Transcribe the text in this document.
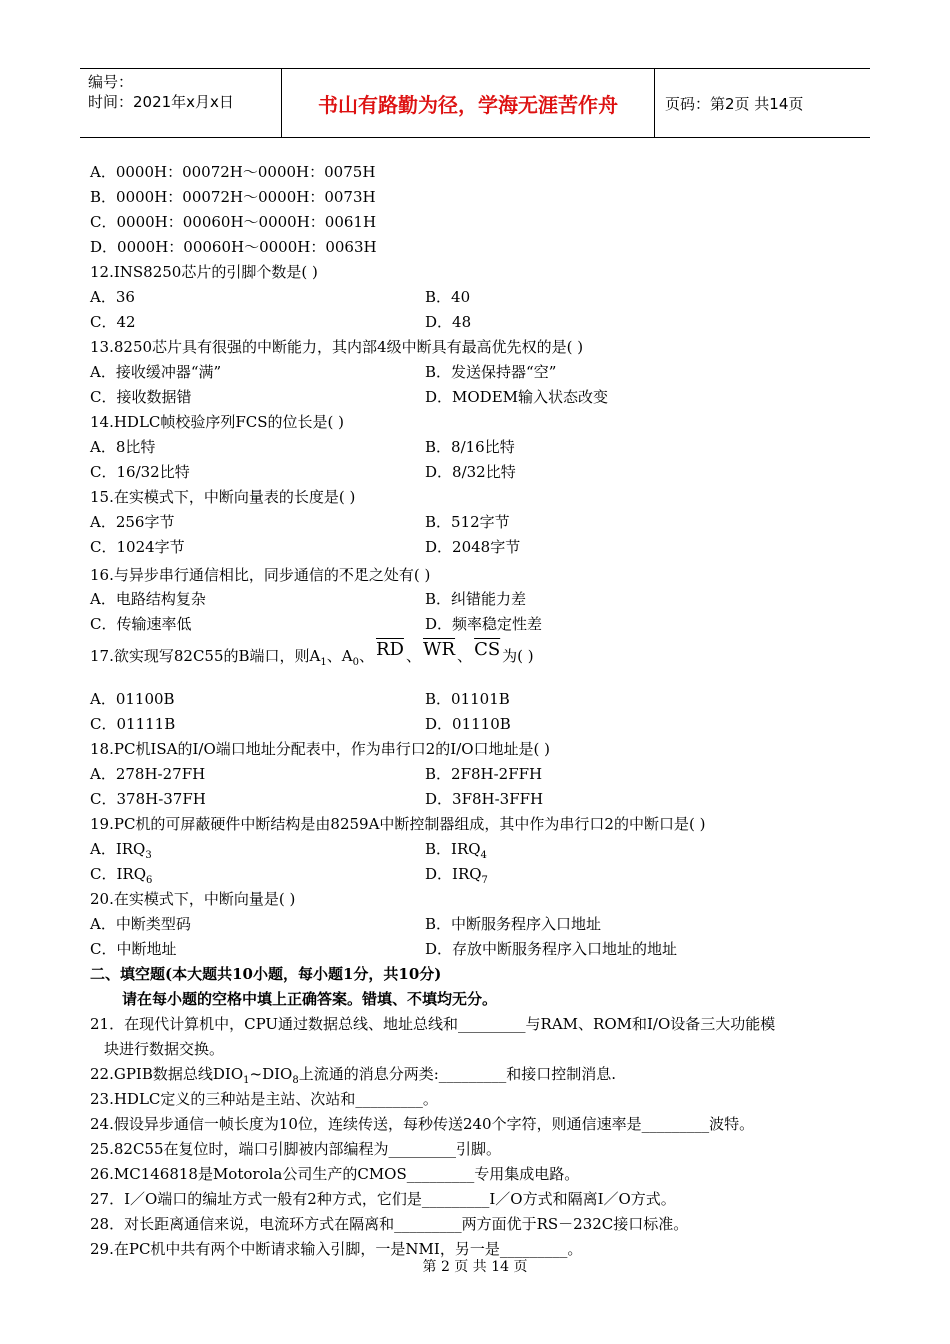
编号：
时间：2021年x月x日	书山有路勤为径，学海无涯苦作舟	页码：第2页 共14页
A．0000H：00072H～0000H：0075H
B．0000H：00072H～0000H：0073H
C．0000H：00060H～0000H：0061H
D．0000H：00060H～0000H：0063H
12.INS8250芯片的引脚个数是( )
A．36	B．40
C．42	D．48
13.8250芯片具有很强的中断能力，其内部4级中断具有最高优先权的是( )
A．接收缓冲器“满”	B．发送保持器“空”
C．接收数据错	D．MODEM输入状态改变
14.HDLC帧校验序列FCS的位长是( )
A．8比特	B．8/16比特
C．16/32比特	D．8/32比特
15.在实模式下，中断向量表的长度是( )
A．256字节	B．512字节
C．1024字节	D．2048字节
16.与异步串行通信相比，同步通信的不足之处有( )
A．电路结构复杂	B．纠错能力差
C．传输速率低	D．频率稳定性差
17.欲实现写82C55的B端口，则$A_1$、$A_0$、 $\overline{RD}$ 、 $\overline{WR}$ 、 $\overline{CS}$ 为( )
A．01100B	B．01101B
C．01111B	D．01110B
18.PC机ISA的I/O端口地址分配表中，作为串行口2的I/O口地址是( )
A．278H-27FH	B．2F8H-2FFH
C．378H-37FH	D．3F8H-3FFH
19.PC机的可屏蔽硬件中断结构是由8259A中断控制器组成，其中作为串行口2的中断口是( )
A．$IRQ_3$	B．$IRQ_4$
C．$IRQ_6$	D．$IRQ_7$
20.在实模式下，中断向量是( )
A．中断类型码	B．中断服务程序入口地址
C．中断地址	D．存放中断服务程序入口地址的地址
二、填空题(本大题共10小题，每小题1分，共10分)
请在每小题的空格中填上正确答案。错填、不填均无分。
21．在现代计算机中，CPU通过数据总线、地址总线和_________与RAM、ROM和I/O设备三大功能模
块进行数据交换。
22.GPIB数据总线$DIO_1\sim DIO_8$上流通的消息分两类:_________和接口控制消息.
23.HDLC定义的三种站是主站、次站和_________。
24.假设异步通信一帧长度为10位，连续传送，每秒传送240个字符，则通信速率是_________波特。
25.82C55在复位时，端口引脚被内部编程为_________引脚。
26.MC146818是Motorola公司生产的CMOS_________专用集成电路。
27．I／O端口的编址方式一般有2种方式，它们是_________I／O方式和隔离I／O方式。
28．对长距离通信来说，电流环方式在隔离和_________两方面优于RS－232C接口标准。
29.在PC机中共有两个中断请求输入引脚，一是NMI，另一是_________。
第 2 页 共 14 页
